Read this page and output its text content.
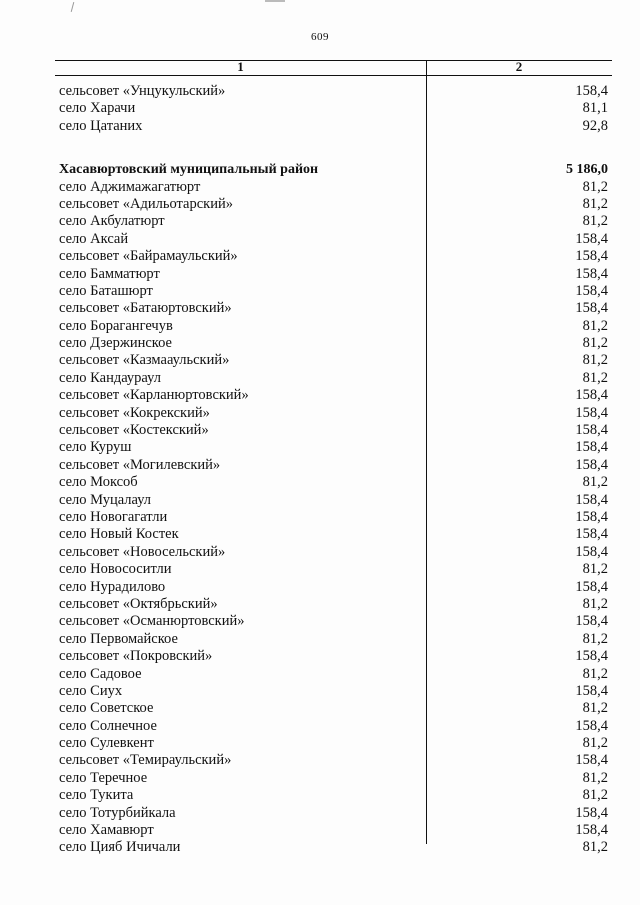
609
1	2
сельсовет «Унцукульский»	158,4
село Харачи	81,1
село Цатаних	92,8
Хасавюртовский муниципальный район	5 186,0
село Аджимажагатюрт	81,2
сельсовет «Адильотарский»	81,2
село Акбулатюрт	81,2
село Аксай	158,4
сельсовет «Байрамаульский»	158,4
село Бамматюрт	158,4
село Баташюрт	158,4
сельсовет «Батаюртовский»	158,4
село Борагангечув	81,2
село Дзержинское	81,2
сельсовет «Казмааульский»	81,2
село Кандаураул	81,2
сельсовет «Карланюртовский»	158,4
сельсовет «Кокрекский»	158,4
сельсовет «Костекский»	158,4
село Куруш	158,4
сельсовет «Могилевский»	158,4
село Моксоб	81,2
село Муцалаул	158,4
село Новогагатли	158,4
село Новый Костек	158,4
сельсовет «Новосельский»	158,4
село Новососитли	81,2
село Нурадилово	158,4
сельсовет «Октябрьский»	81,2
сельсовет «Османюртовский»	158,4
село Первомайское	81,2
сельсовет «Покровский»	158,4
село Садовое	81,2
село Сиух	158,4
село Советское	81,2
село Солнечное	158,4
село Сулевкент	81,2
сельсовет «Темираульский»	158,4
село Теречное	81,2
село Тукита	81,2
село Тотурбийкала	158,4
село Хамавюрт	158,4
село Цияб Ичичали	81,2
